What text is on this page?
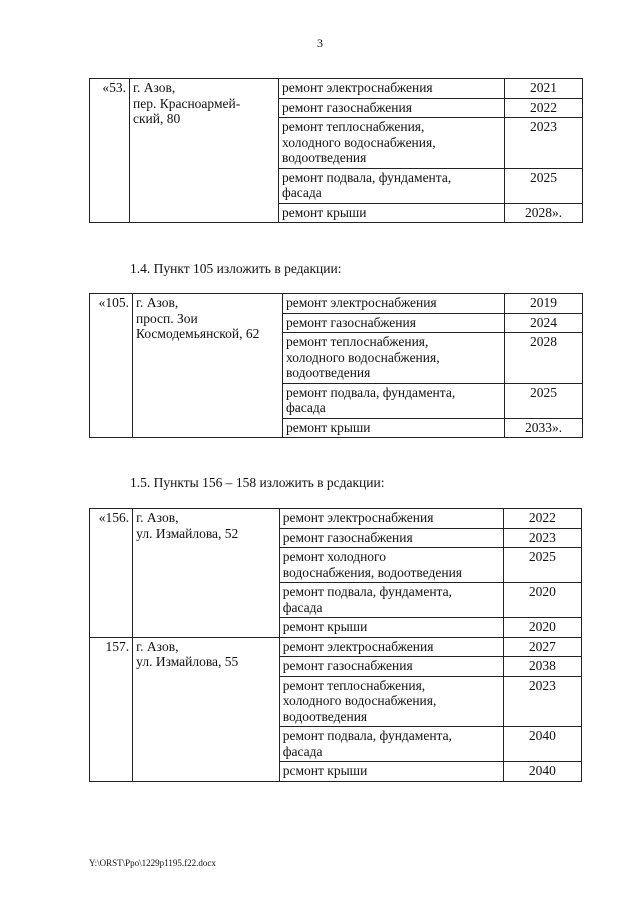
3
«53.	г. Азов,
пер. Красноармей-
ский, 80	ремонт электроснабжения	2021
		ремонт газоснабжения	2022
		ремонт теплоснабжения,
холодного водоснабжения,
водоотведения	2023
		ремонт подвала, фундамента,
фасада	2025
		ремонт крыши	2028».
1.4. Пункт 105 изложить в редакции:
«105.	г. Азов,
просп. Зои
Космодемьянской, 62	ремонт электроснабжения	2019
		ремонт газоснабжения	2024
		ремонт теплоснабжения,
холодного водоснабжения,
водоотведения	2028
		ремонт подвала, фундамента,
фасада	2025
		ремонт крыши	2033».
1.5. Пункты 156 – 158 изложить в рсдакции:
«156.	г. Азов,
ул. Измайлова, 52	ремонт электроснабжения	2022
		ремонт газоснабжения	2023
		ремонт холодного
водоснабжения, водоотведения	2025
		ремонт подвала, фундамента,
фасада	2020
		ремонт крыши	2020
157.	г. Азов,
ул. Измайлова, 55	ремонт электроснабжения	2027
		ремонт газоснабжения	2038
		ремонт теплоснабжения,
холодного водоснабжения,
водоотведения	2023
		ремонт подвала, фундамента,
фасада	2040
		рсмонт крыши	2040
Y:\ORST\Ppo\1229p1195.f22.docx
